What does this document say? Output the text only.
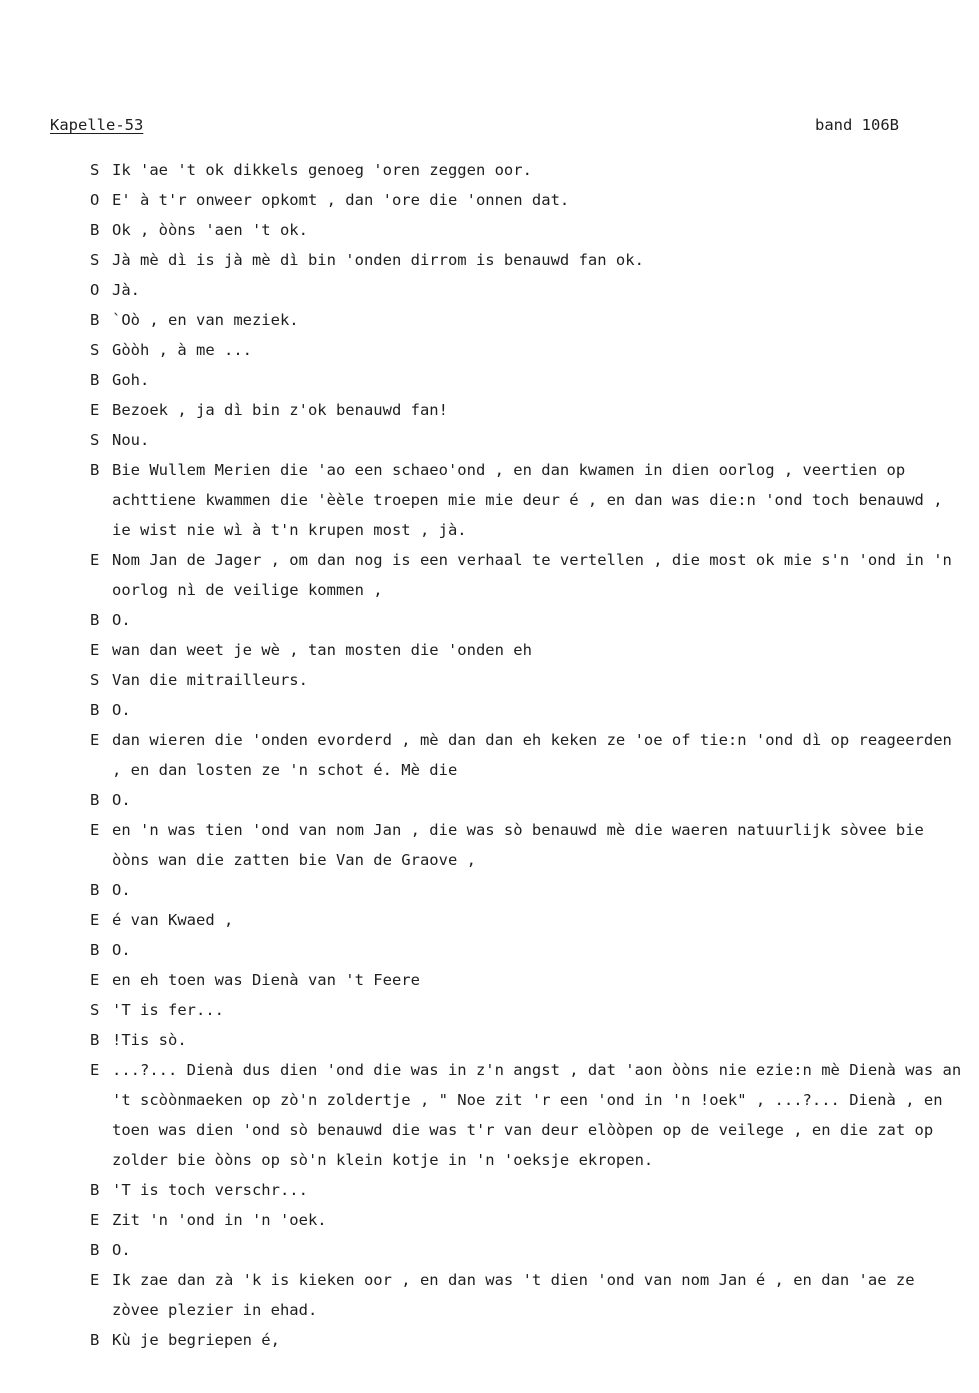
Kapelle-53	band 106B
S Ik 'ae 't ok dikkels genoeg 'oren zeggen oor.
O E' à t'r onweer opkomt , dan 'ore die 'onnen dat.
B Ok , òòns 'aen 't ok.
S Jà mè dì is jà mè dì bin 'onden dirrom is benauwd fan ok.
O Jà.
B `Oò , en van meziek.
S Gòòh , à me ...
B Goh.
E Bezoek , ja dì bin z'ok benauwd fan!
S Nou.
B Bie Wullem Merien die 'ao een schaeo'ond , en dan kwamen in dien oorlog , veertien op achttiene kwammen die 'èèle troepen mie mie deur é , en dan was die:n 'ond toch benauwd , ie wist nie wì à t'n krupen most , jà.
E Nom Jan de Jager , om dan nog is een verhaal te vertellen , die most ok mie s'n 'ond in 'n oorlog nì de veilige kommen ,
B O.
E wan dan weet je wè , tan mosten die 'onden eh
S Van die mitrailleurs.
B O.
E dan wieren die 'onden evorderd , mè dan dan eh keken ze 'oe of tie:n 'ond dì op reageerden , en dan losten ze 'n schot é. Mè die
B O.
E en 'n was tien 'ond van nom Jan , die was sò benauwd mè die waeren natuurlijk sòvee bie òòns wan die zatten bie Van de Graove ,
B O.
E é van Kwaed ,
B O.
E en eh toen was Dienà van 't Feere
S 'T is fer...
B !Tis sò.
E ...?... Dienà dus dien 'ond die was in z'n angst , dat 'aon òòns nie ezie:n mè Dienà was an 't scòònmaeken op zò'n zoldertje , " Noe zit 'r een 'ond in 'n !oek" , ...?... Dienà , en toen was dien 'ond sò benauwd die was t'r van deur elòòpen op de veilege , en die zat op zolder bie òòns op sò'n klein kotje in 'n 'oeksje ekropen.
B 'T is toch verschr...
E Zit 'n 'ond in 'n 'oek.
B O.
E Ik zae dan zà 'k is kieken oor , en dan was 't dien 'ond van nom Jan é , en dan 'ae ze zòvee plezier in ehad.
B Kù je begriepen é,
